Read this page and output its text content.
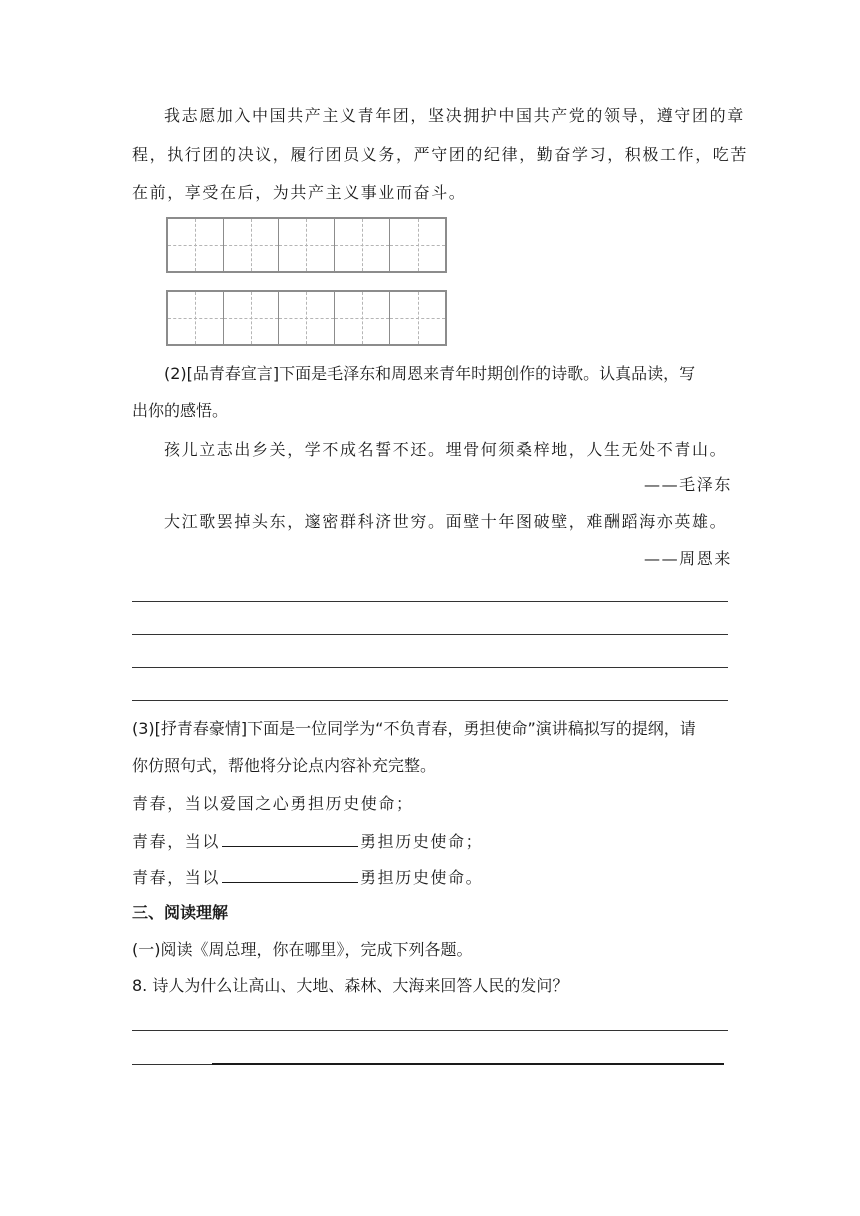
我志愿加入中国共产主义青年团，坚决拥护中国共产党的领导，遵守团的章
程，执行团的决议，履行团员义务，严守团的纪律，勤奋学习，积极工作，吃苦
在前，享受在后，为共产主义事业而奋斗。
(2)[品青春宣言]下面是毛泽东和周恩来青年时期创作的诗歌。认真品读，写
出你的感悟。
孩儿立志出乡关，学不成名誓不还。埋骨何须桑梓地，人生无处不青山。
——毛泽东
大江歌罢掉头东，邃密群科济世穷。面壁十年图破壁，难酬蹈海亦英雄。
——周恩来
(3)[抒青春豪情]下面是一位同学为“不负青春，勇担使命”演讲稿拟写的提纲，请
你仿照句式，帮他将分论点内容补充完整。
青春，当以爱国之心勇担历史使命；
青春，当以	勇担历史使命；
青春，当以	勇担历史使命。
三、阅读理解
(一)阅读《周总理，你在哪里》，完成下列各题。
8. 诗人为什么让高山、大地、森林、大海来回答人民的发问？
